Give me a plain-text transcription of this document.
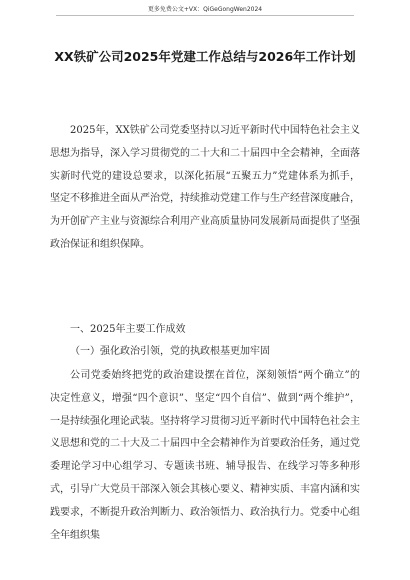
更多免费公文+VX：QiGeGongWen2024
XX铁矿公司2025年党建工作总结与2026年工作计划

2025年，XX铁矿公司党委坚持以习近平新时代中国特色社会主义思想为指导，深入学习贯彻党的二十大和二十届四中全会精神，全面落实新时代党的建设总要求，以深化拓展“五聚五力”党建体系为抓手，坚定不移推进全面从严治党，持续推动党建工作与生产经营深度融合，为开创矿产主业与资源综合利用产业高质量协同发展新局面提供了坚强政治保证和组织保障。

一、2025年主要工作成效

（一）强化政治引领，党的执政根基更加牢固

公司党委始终把党的政治建设摆在首位，深刻领悟“两个确立”的决定性意义，增强“四个意识”、坚定“四个自信”、做到“两个维护”，一是持续强化理论武装。坚持将学习贯彻习近平新时代中国特色社会主义思想和党的二十大及二十届四中全会精神作为首要政治任务，通过党委理论学习中心组学习、专题读书班、辅导报告、在线学习等多种形式，引导广大党员干部深入领会其核心要义、精神实质、丰富内涵和实践要求，不断提升政治判断力、政治领悟力、政治执行力。党委中心组全年组织集
